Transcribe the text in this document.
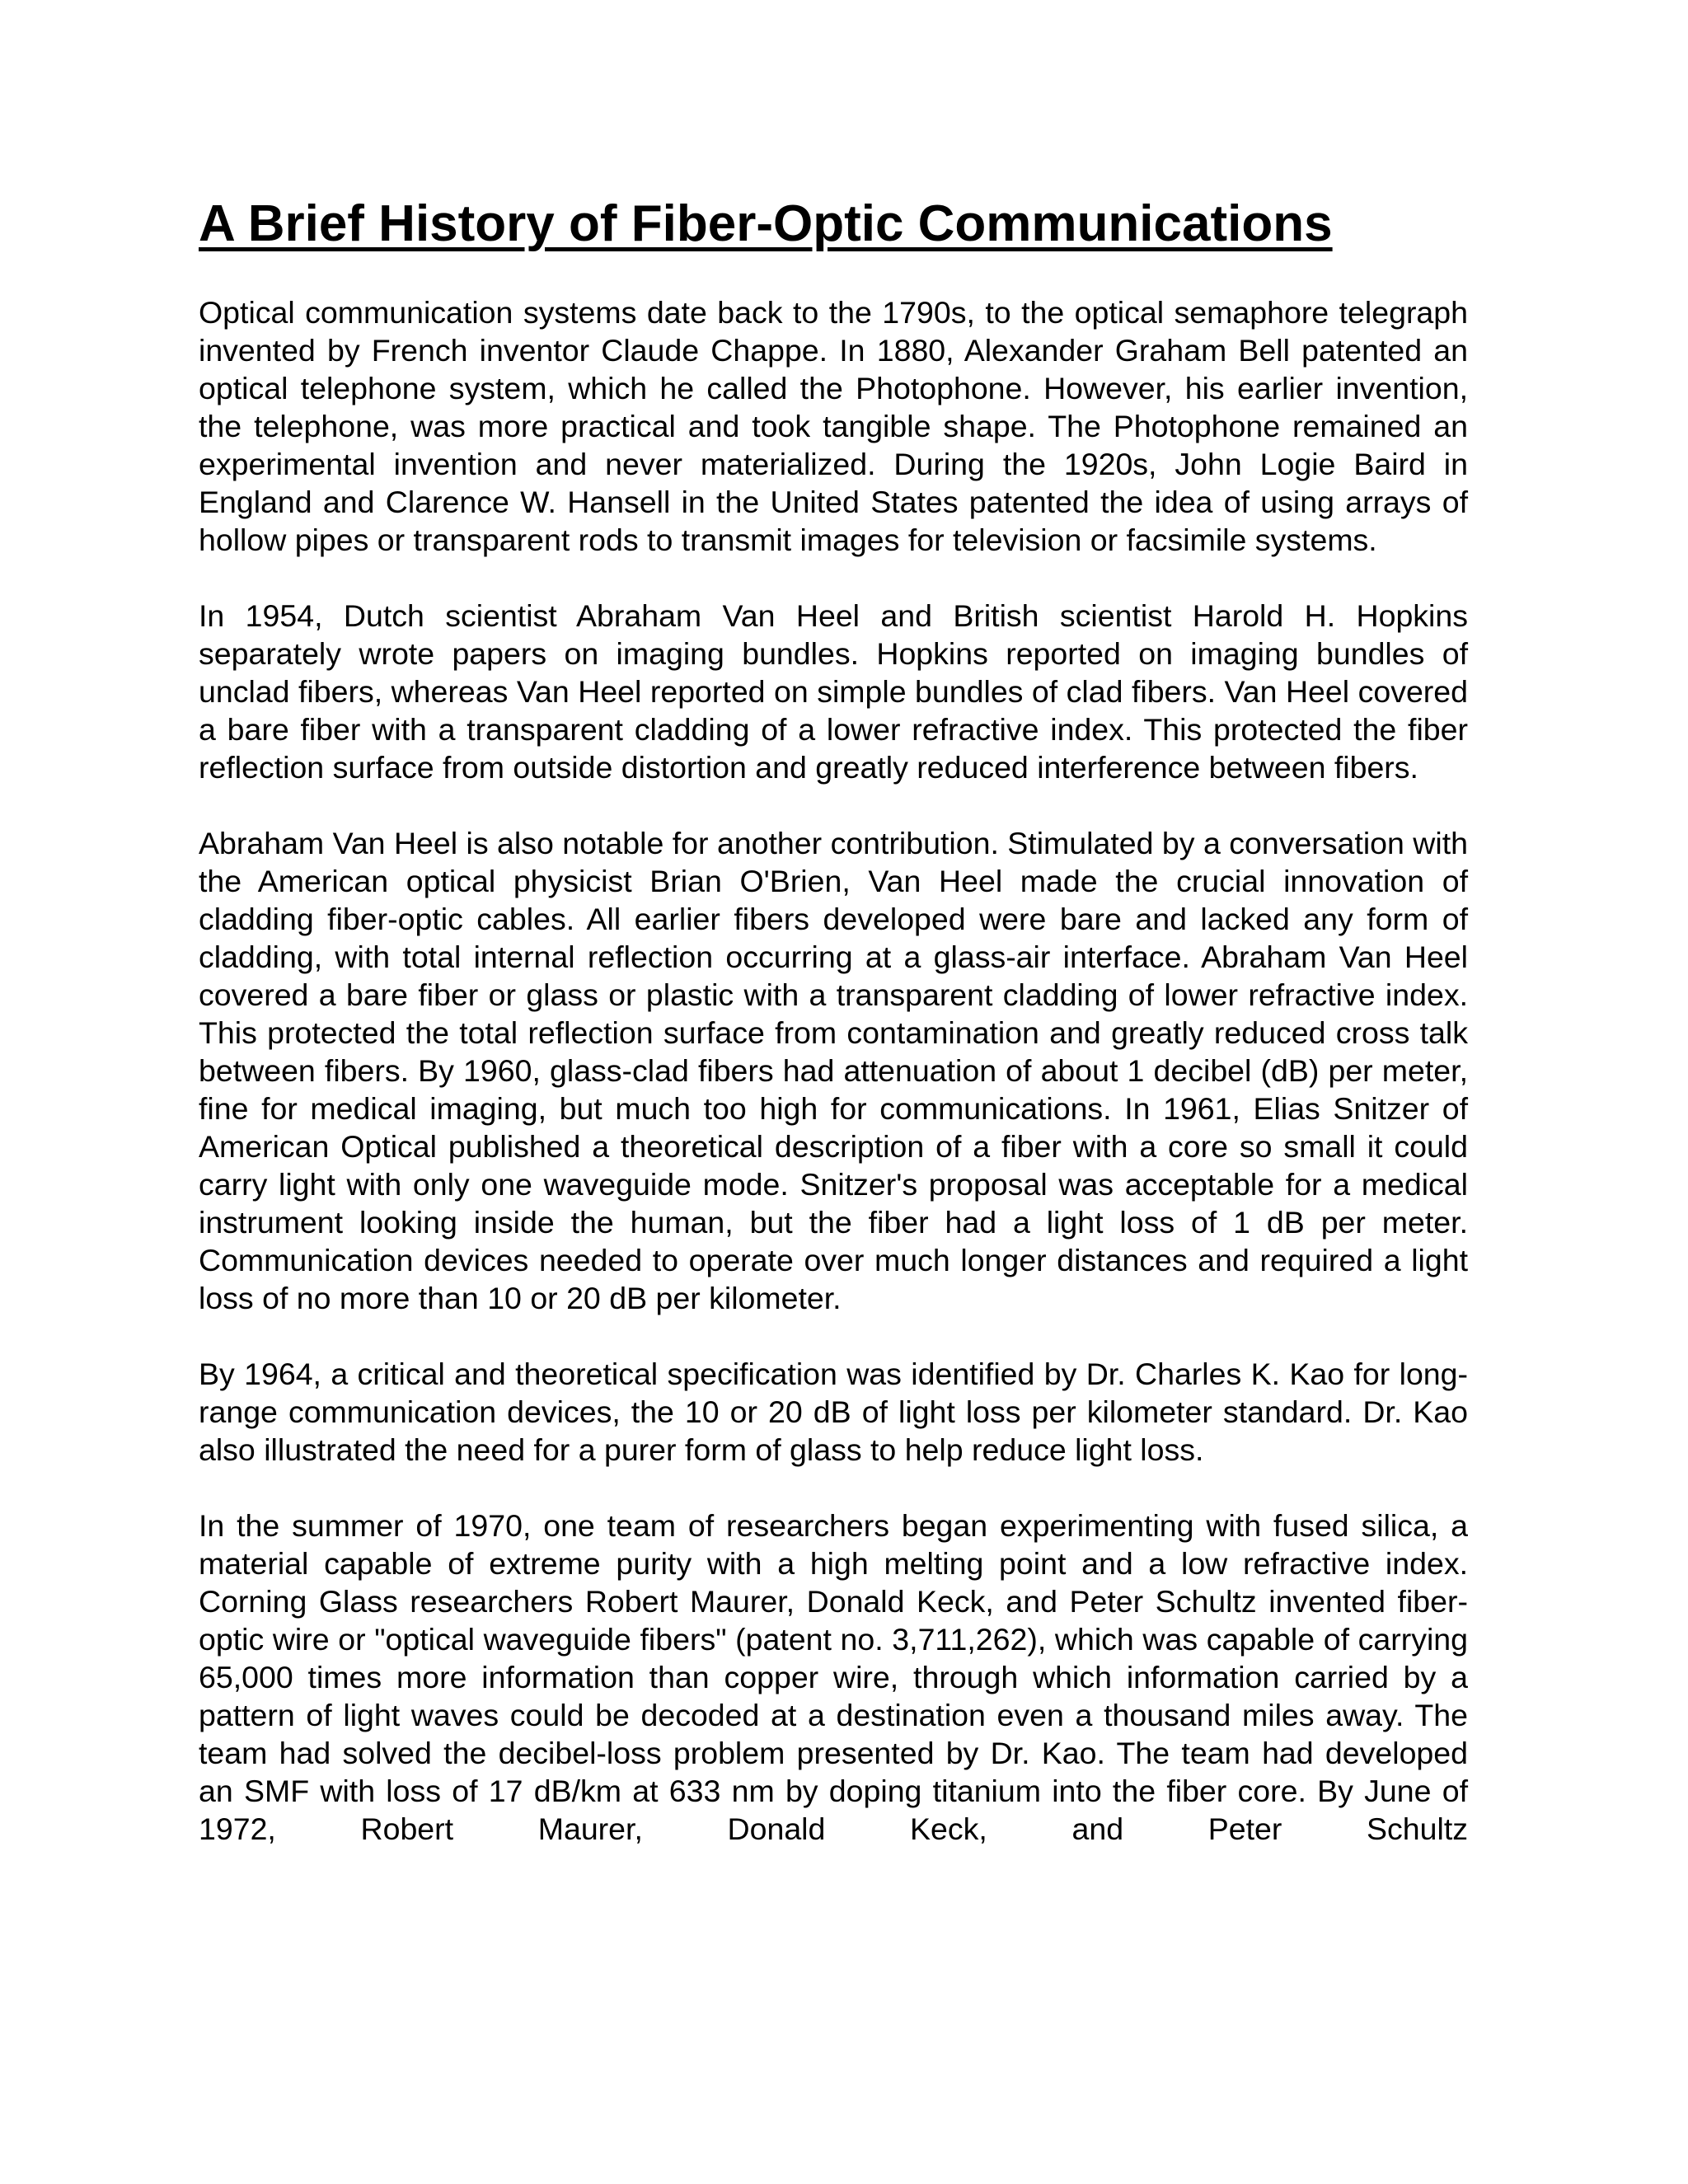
A Brief History of Fiber-Optic Communications

Optical communication systems date back to the 1790s, to the optical semaphore telegraph invented by French inventor Claude Chappe. In 1880, Alexander Graham Bell patented an optical telephone system, which he called the Photophone. However, his earlier invention, the telephone, was more practical and took tangible shape. The Photophone remained an experimental invention and never materialized. During the 1920s, John Logie Baird in England and Clarence W. Hansell in the United States patented the idea of using arrays of hollow pipes or transparent rods to transmit images for television or facsimile systems.

In 1954, Dutch scientist Abraham Van Heel and British scientist Harold H. Hopkins separately wrote papers on imaging bundles. Hopkins reported on imaging bundles of unclad fibers, whereas Van Heel reported on simple bundles of clad fibers. Van Heel covered a bare fiber with a transparent cladding of a lower refractive index. This protected the fiber reflection surface from outside distortion and greatly reduced interference between fibers.

Abraham Van Heel is also notable for another contribution. Stimulated by a conversation with the American optical physicist Brian O'Brien, Van Heel made the crucial innovation of cladding fiber-optic cables. All earlier fibers developed were bare and lacked any form of cladding, with total internal reflection occurring at a glass-air interface. Abraham Van Heel covered a bare fiber or glass or plastic with a transparent cladding of lower refractive index. This protected the total reflection surface from contamination and greatly reduced cross talk between fibers. By 1960, glass-clad fibers had attenuation of about 1 decibel (dB) per meter, fine for medical imaging, but much too high for communications. In 1961, Elias Snitzer of American Optical published a theoretical description of a fiber with a core so small it could carry light with only one waveguide mode. Snitzer's proposal was acceptable for a medical instrument looking inside the human, but the fiber had a light loss of 1 dB per meter. Communication devices needed to operate over much longer distances and required a light loss of no more than 10 or 20 dB per kilometer.

By 1964, a critical and theoretical specification was identified by Dr. Charles K. Kao for long-range communication devices, the 10 or 20 dB of light loss per kilometer standard. Dr. Kao also illustrated the need for a purer form of glass to help reduce light loss.

In the summer of 1970, one team of researchers began experimenting with fused silica, a material capable of extreme purity with a high melting point and a low refractive index. Corning Glass researchers Robert Maurer, Donald Keck, and Peter Schultz invented fiber-optic wire or "optical waveguide fibers" (patent no. 3,711,262), which was capable of carrying 65,000 times more information than copper wire, through which information carried by a pattern of light waves could be decoded at a destination even a thousand miles away. The team had solved the decibel-loss problem presented by Dr. Kao. The team had developed an SMF with loss of 17 dB/km at 633 nm by doping titanium into the fiber core. By June of 1972, Robert Maurer, Donald Keck, and Peter Schultz
